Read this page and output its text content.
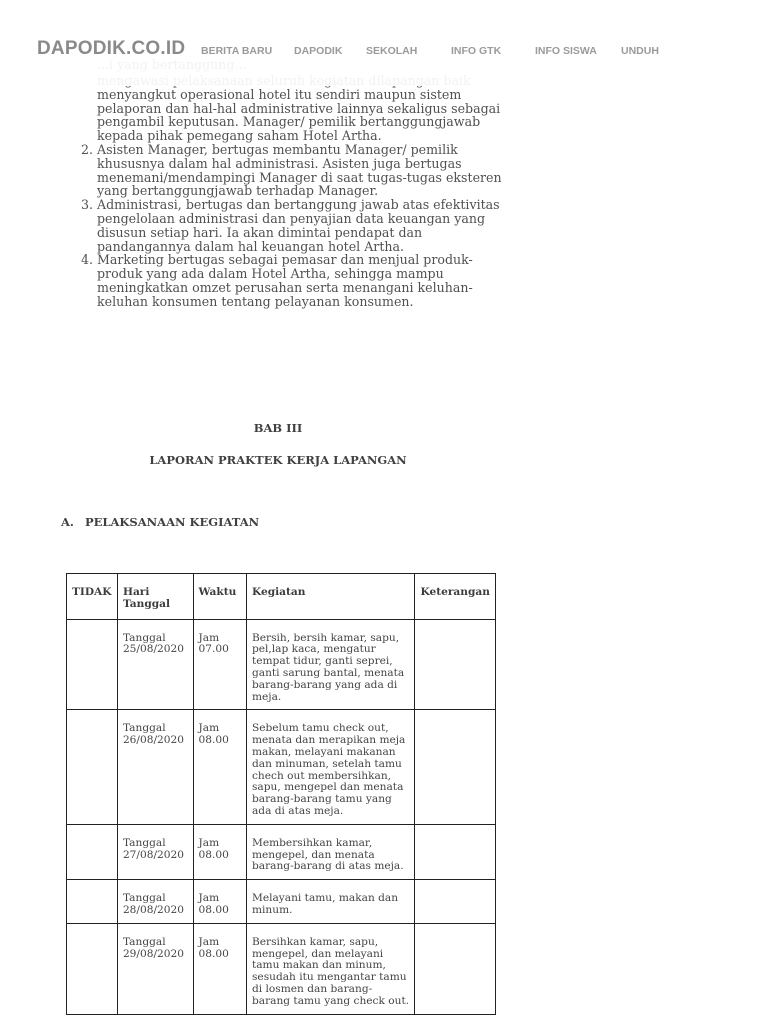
menyangkut operasional hotel itu sendiri maupun sistem pelaporan dan hal-hal administrative lainnya sekaligus sebagai pengambil keputusan. Manager/ pemilik bertanggungjawab kepada pihak pemegang saham Hotel Artha.
2. Asisten Manager, bertugas membantu Manager/ pemilik khususnya dalam hal administrasi. Asisten juga bertugas menemani/mendampingi Manager di saat tugas-tugas eksteren yang bertanggungjawab terhadap Manager.
3. Administrasi, bertugas dan bertanggung jawab atas efektivitas pengelolaan administrasi dan penyajian data keuangan yang disusun setiap hari. Ia akan dimintai pendapat dan pandangannya dalam hal keuangan hotel Artha.
4. Marketing bertugas sebagai pemasar dan menjual produk-produk yang ada dalam Hotel Artha, sehingga mampu meningkatkan omzet perusahan serta menangani keluhan-keluhan konsumen tentang pelayanan konsumen.
BAB III
LAPORAN PRAKTEK KERJA LAPANGAN
A. PELAKSANAAN KEGIATAN
TIDAK	Hari Tanggal	Waktu	Kegiatan	Keterangan
	Tanggal 25/08/2020	Jam 07.00	Bersih, bersih kamar, sapu, pel,lap kaca, mengatur tempat tidur, ganti seprei, ganti sarung bantal, menata barang-barang yang ada di meja.	
	Tanggal 26/08/2020	Jam 08.00	Sebelum tamu check out, menata dan merapikan meja makan, melayani makanan dan minuman, setelah tamu chech out membersihkan, sapu, mengepel dan menata barang-barang tamu yang ada di atas meja.	
	Tanggal 27/08/2020	Jam 08.00	Membersihkan kamar, mengepel, dan menata barang-barang di atas meja.	
	Tanggal 28/08/2020	Jam 08.00	Melayani tamu, makan dan minum.	
	Tanggal 29/08/2020	Jam 08.00	Bersihkan kamar, sapu, mengepel, dan melayani tamu makan dan minum, sesudah itu mengantar tamu di losmen dan barang-barang tamu yang check out.	
DAPODIK.CO.ID BERITA BARU DAPODIK SEKOLAH	INFO GTK	INFO SISWA UNDUH
